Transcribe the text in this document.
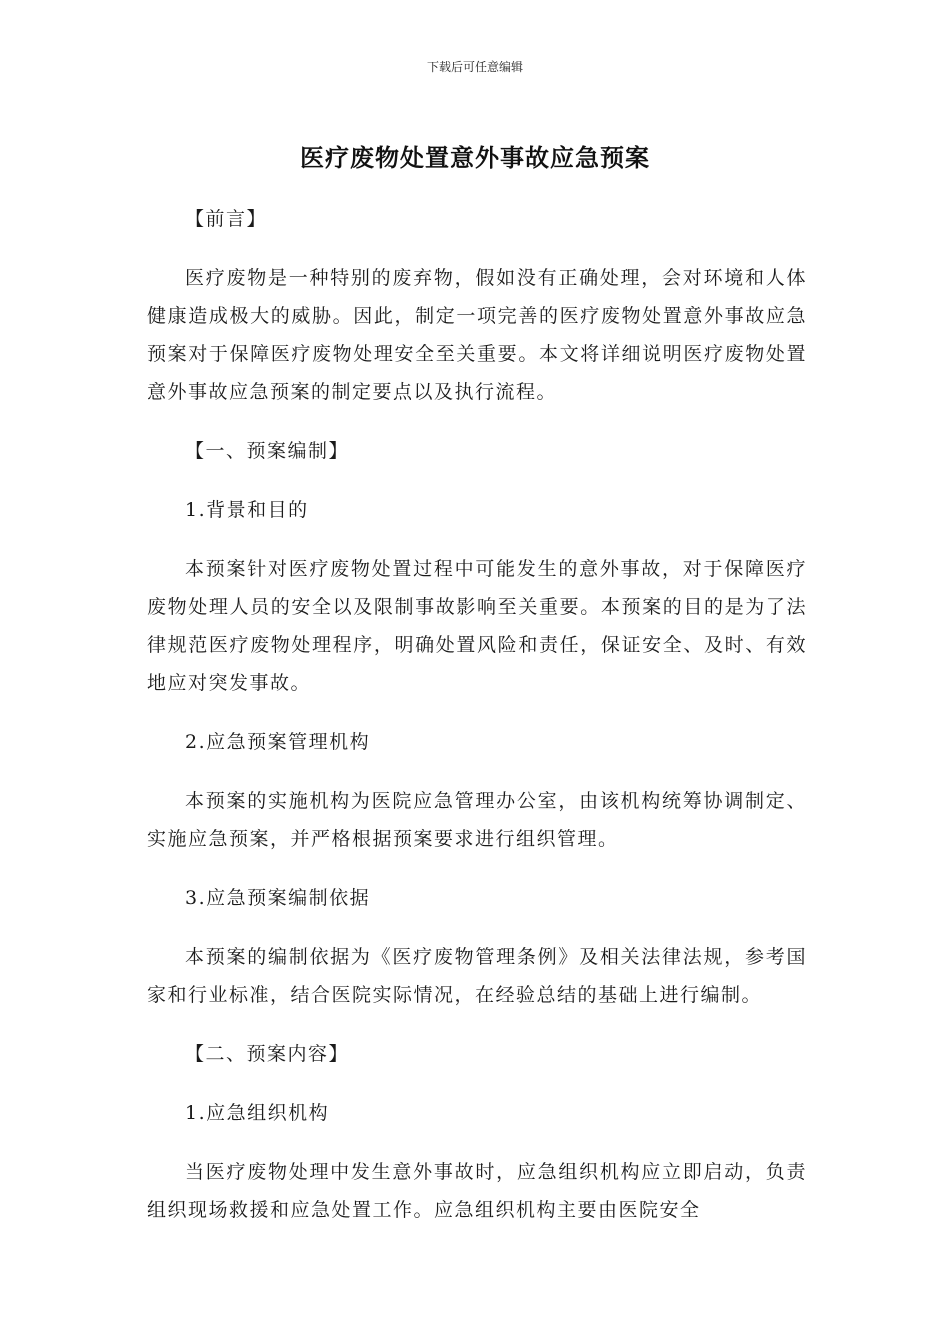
下载后可任意编辑
医疗废物处置意外事故应急预案

【前言】

医疗废物是一种特别的废弃物，假如没有正确处理，会对环境和人体健康造成极大的威胁。因此，制定一项完善的医疗废物处置意外事故应急预案对于保障医疗废物处理安全至关重要。本文将详细说明医疗废物处置意外事故应急预案的制定要点以及执行流程。

【一、预案编制】

1.背景和目的

本预案针对医疗废物处置过程中可能发生的意外事故，对于保障医疗废物处理人员的安全以及限制事故影响至关重要。本预案的目的是为了法律规范医疗废物处理程序，明确处置风险和责任，保证安全、及时、有效地应对突发事故。

2.应急预案管理机构

本预案的实施机构为医院应急管理办公室，由该机构统筹协调制定、实施应急预案，并严格根据预案要求进行组织管理。

3.应急预案编制依据

本预案的编制依据为《医疗废物管理条例》及相关法律法规，参考国家和行业标准，结合医院实际情况，在经验总结的基础上进行编制。

【二、预案内容】

1.应急组织机构

当医疗废物处理中发生意外事故时，应急组织机构应立即启动，负责组织现场救援和应急处置工作。应急组织机构主要由医院安全
